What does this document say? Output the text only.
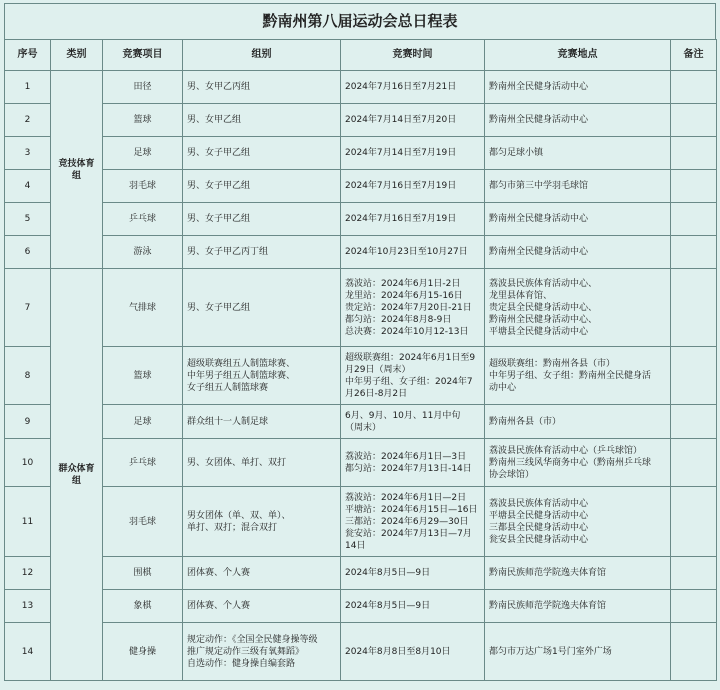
黔南州第八届运动会总日程表
序号	类别	竞赛项目	组别	竞赛时间	竞赛地点	备注
1	竞技体育组	田径	男、女甲乙丙组	2024年7月16日至7月21日	黔南州全民健身活动中心	
2		篮球	男、女甲乙组	2024年7月14日至7月20日	黔南州全民健身活动中心	
3		足球	男、女子甲乙组	2024年7月14日至7月19日	都匀足球小镇	
4		羽毛球	男、女子甲乙组	2024年7月16日至7月19日	都匀市第三中学羽毛球馆	
5		乒乓球	男、女子甲乙组	2024年7月16日至7月19日	黔南州全民健身活动中心	
6		游泳	男、女子甲乙丙丁组	2024年10月23日至10月27日	黔南州全民健身活动中心	
7	群众体育组	气排球	男、女子甲乙组	荔波站：2024年6月1日-2日
龙里站：2024年6月15-16日
贵定站：2024年7月20日-21日
都匀站：2024年8月8-9日
总决赛：2024年10月12-13日	荔波县民族体育活动中心、
龙里县体育馆、
贵定县全民健身活动中心、
黔南州全民健身活动中心、
平塘县全民健身活动中心	
8		篮球	超级联赛组五人制篮球赛、
中年男子组五人制篮球赛、
女子组五人制篮球赛	超级联赛组：2024年6月1日至9
月29日（周末）
中年男子组、女子组：2024年7
月26日-8月2日	超级联赛组：黔南州各县（市）
中年男子组、女子组：黔南州全民健身活
动中心	
9		足球	群众组十一人制足球	6月、9月、10月、11月中旬
（周末）	黔南州各县（市）	
10		乒乓球	男、女团体、单打、双打	荔波站：2024年6月1日—3日
都匀站：2024年7月13日-14日	荔波县民族体育活动中心（乒乓球馆）
黔南州三线风华商务中心（黔南州乒乓球
协会球馆）	
11		羽毛球	男女团体（单、双、单）、
单打、双打；混合双打	荔波站：2024年6月1日—2日
平塘站：2024年6月15日—16日
三都站：2024年6月29—30日
瓮安站：2024年7月13日—7月
14日	荔波县民族体育活动中心
平塘县全民健身活动中心
三都县全民健身活动中心
瓮安县全民健身活动中心	
12		围棋	团体赛、个人赛	2024年8月5日—9日	黔南民族师范学院逸夫体育馆	
13		象棋	团体赛、个人赛	2024年8月5日—9日	黔南民族师范学院逸夫体育馆	
14		健身操	规定动作：《全国全民健身操等级
推广规定动作三级有氧舞蹈》
自选动作：健身操自编套路	2024年8月8日至8月10日	都匀市万达广场1号门室外广场	
